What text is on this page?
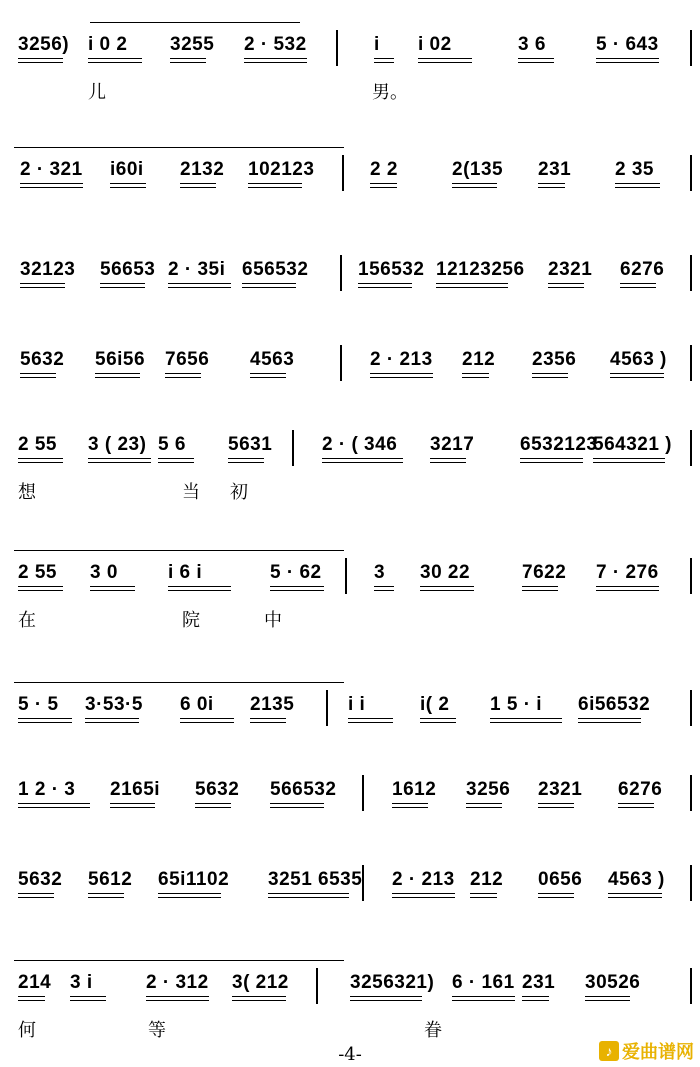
3256) i 0 2 3255 2 · 532	i i 02	3 6	5 · 643
儿	男。
2 · 321 i60i 2132 102123	2 2	2(135 231 2 35
32123 56653 2 · 35i 656532	156532 12123256 2321 6276
5632 56i56 7656 4563	2 · 213 212 2356 4563 )
2 55 3 ( 23) 5 6 5631	2 · ( 346 3217 6532123
564321 )
想	当 初
2 55 3 0	i 6 i	5 · 62	3 30 22	7622 7 · 276
在	院	中
5 · 5 3·53·5 6 0i 2135	i i	i( 2 1 5 · i 6i56532
1 2 · 3 2165i 5632 566532	1612 3256 2321 6276
5632 5612 65i1102 3251 6535 2 · 213 212 0656 4563 )
214 3 i	2 · 312 3( 212	3256321) 6 · 161 231 30526
何	等	眷
-4-	♪ 爱曲谱网
